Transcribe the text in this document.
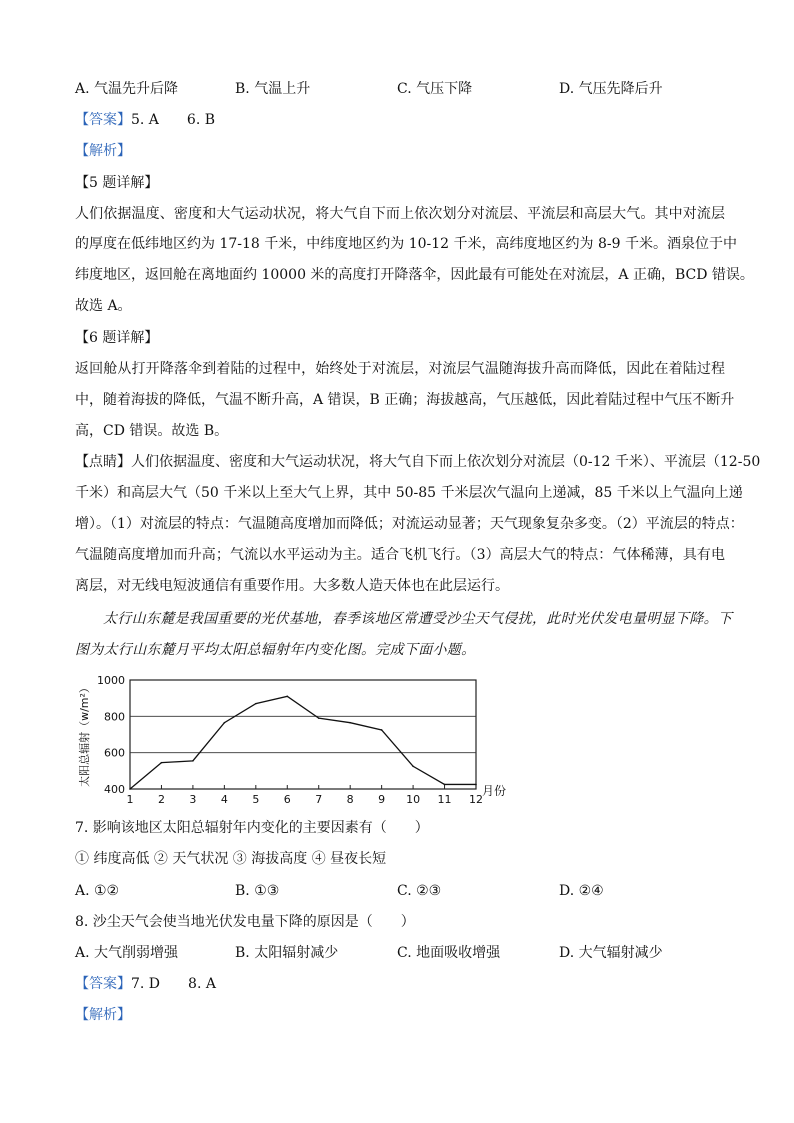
A. 气温先升后降	B. 气温上升	C. 气压下降	D. 气压先降后升
【答案】5. A  6. B
【解析】
【5 题详解】
人们依据温度、密度和大气运动状况，将大气自下而上依次划分对流层、平流层和高层大气。其中对流层
的厚度在低纬地区约为 17-18 千米，中纬度地区约为 10-12 千米，高纬度地区约为 8-9 千米。酒泉位于中
纬度地区，返回舱在离地面约 10000 米的高度打开降落伞，因此最有可能处在对流层，A 正确，BCD 错误。
故选 A。
【6 题详解】
返回舱从打开降落伞到着陆的过程中，始终处于对流层，对流层气温随海拔升高而降低，因此在着陆过程
中，随着海拔的降低，气温不断升高，A 错误，B 正确；海拔越高，气压越低，因此着陆过程中气压不断升
高，CD 错误。故选 B。
【点睛】人们依据温度、密度和大气运动状况，将大气自下而上依次划分对流层（0-12 千米）、平流层（12-50
千米）和高层大气（50 千米以上至大气上界，其中 50-85 千米层次气温向上递减，85 千米以上气温向上递
增）。（1）对流层的特点：气温随高度增加而降低；对流运动显著；天气现象复杂多变。（2）平流层的特点：
气温随高度增加而升高；气流以水平运动为主。适合飞机飞行。（3）高层大气的特点：气体稀薄，具有电
离层，对无线电短波通信有重要作用。大多数人造天体也在此层运行。
太行山东麓是我国重要的光伏基地，春季该地区常遭受沙尘天气侵扰，此时光伏发电量明显下降。下
图为太行山东麓月平均太阳总辐射年内变化图。完成下面小题。
400
600
800
1000
1 2 3 4 5 6 7 8 9 10 11 12
月份
太阳总辐射（w/m²）
7. 影响该地区太阳总辐射年内变化的主要因素有（  ）
① 纬度高低 ② 天气状况 ③ 海拔高度 ④ 昼夜长短
A. ①②	B. ①③	C. ②③	D. ②④
8. 沙尘天气会使当地光伏发电量下降的原因是（  ）
A. 大气削弱增强	B. 太阳辐射减少	C. 地面吸收增强	D. 大气辐射减少
【答案】7. D  8. A
【解析】
